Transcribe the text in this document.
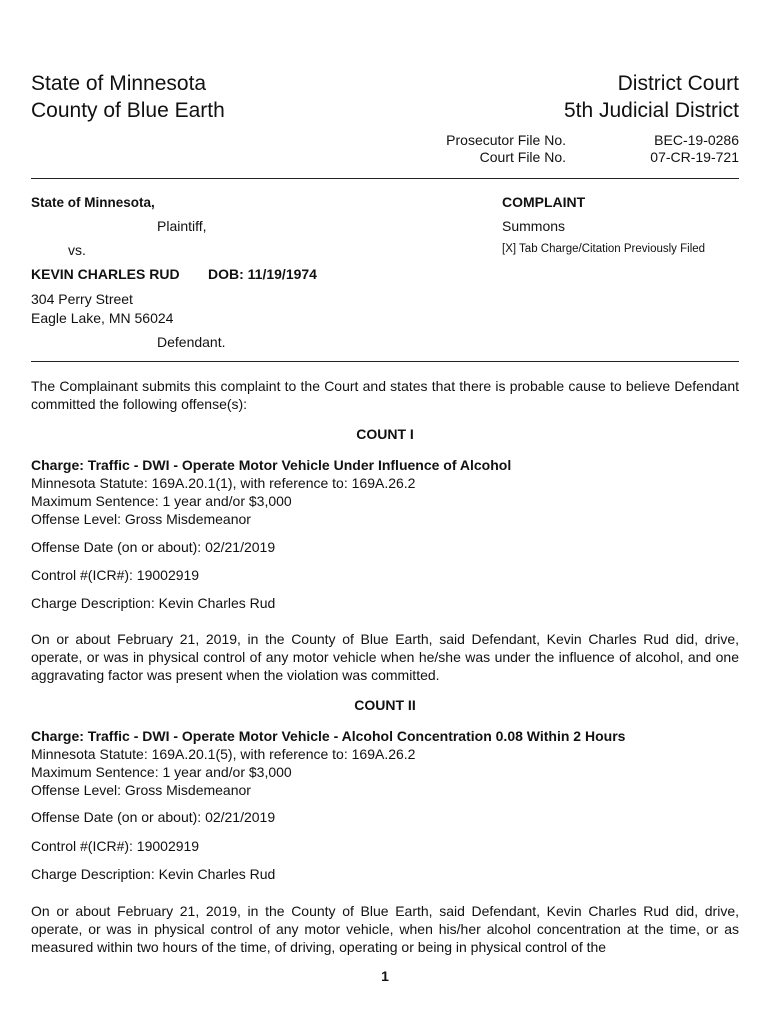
State of Minnesota
County of Blue Earth
District Court
5th Judicial District
Prosecutor File No.	BEC-19-0286
Court File No.	07-CR-19-721
State of Minnesota,
Plaintiff,
vs.
KEVIN CHARLES RUD DOB: 11/19/1974
304 Perry Street
Eagle Lake, MN 56024
Defendant.
COMPLAINT
Summons
[X] Tab Charge/Citation Previously Filed
The Complainant submits this complaint to the Court and states that there is probable cause to believe Defendant committed the following offense(s):
COUNT I
Charge: Traffic - DWI - Operate Motor Vehicle Under Influence of Alcohol
Minnesota Statute: 169A.20.1(1), with reference to: 169A.26.2
Maximum Sentence: 1 year and/or $3,000
Offense Level: Gross Misdemeanor
Offense Date (on or about): 02/21/2019
Control #(ICR#): 19002919
Charge Description: Kevin Charles Rud
On or about February 21, 2019, in the County of Blue Earth, said Defendant, Kevin Charles Rud did, drive, operate, or was in physical control of any motor vehicle when he/she was under the influence of alcohol, and one aggravating factor was present when the violation was committed.
COUNT II
Charge: Traffic - DWI - Operate Motor Vehicle - Alcohol Concentration 0.08 Within 2 Hours
Minnesota Statute: 169A.20.1(5), with reference to: 169A.26.2
Maximum Sentence: 1 year and/or $3,000
Offense Level: Gross Misdemeanor
Offense Date (on or about): 02/21/2019
Control #(ICR#): 19002919
Charge Description: Kevin Charles Rud
On or about February 21, 2019, in the County of Blue Earth, said Defendant, Kevin Charles Rud did, drive, operate, or was in physical control of any motor vehicle, when his/her alcohol concentration at the time, or as measured within two hours of the time, of driving, operating or being in physical control of the
1
